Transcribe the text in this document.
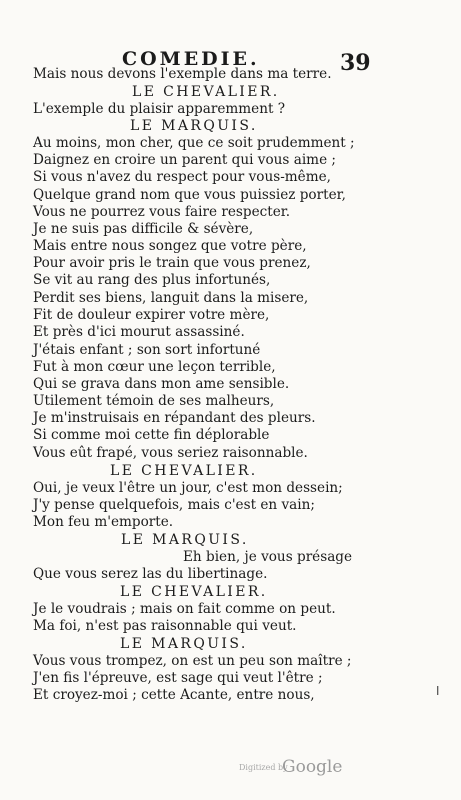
COMEDIE.	39
Mais nous devons l'exemple dans ma terre.
LE CHEVALIER.
L'exemple du plaisir apparemment ?
LE MARQUIS.
Au moins, mon cher, que ce soit prudemment ;
Daignez en croire un parent qui vous aime ;
Si vous n'avez du respect pour vous-même,
Quelque grand nom que vous puissiez porter,
Vous ne pourrez vous faire respecter.
Je ne suis pas difficile & sévère,
Mais entre nous songez que votre père,
Pour avoir pris le train que vous prenez,
Se vit au rang des plus infortunés,
Perdit ses biens, languit dans la misere,
Fit de douleur expirer votre mère,
Et près d'ici mourut assassiné.
J'étais enfant ; son sort infortuné
Fut à mon cœur une leçon terrible,
Qui se grava dans mon ame sensible.
Utilement témoin de ses malheurs,
Je m'instruisais en répandant des pleurs.
Si comme moi cette fin déplorable
Vous eût frapé, vous seriez raisonnable.
LE CHEVALIER.
Oui, je veux l'être un jour, c'est mon dessein;
J'y pense quelquefois, mais c'est en vain;
Mon feu m'emporte.
LE MARQUIS.
Eh bien, je vous présage
Que vous serez las du libertinage.
LE CHEVALIER.
Je le voudrais ; mais on fait comme on peut.
Ma foi, n'est pas raisonnable qui veut.
LE MARQUIS.
Vous vous trompez, on est un peu son maître ;
J'en fis l'épreuve, est sage qui veut l'être ;
Et croyez-moi ; cette Acante, entre nous,	ǀ
Digitized by
Google
